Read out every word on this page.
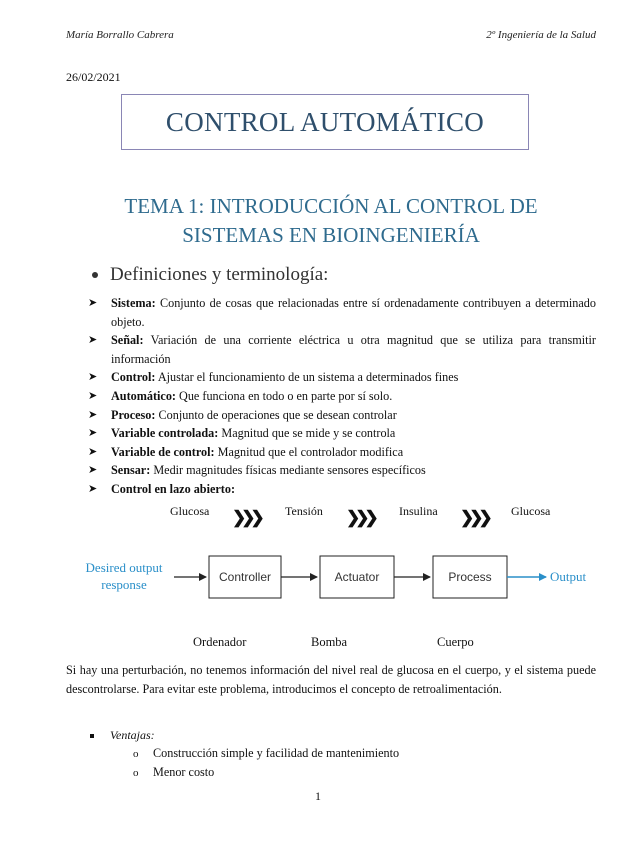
María Borrallo Cabrera	2º Ingeniería de la Salud
26/02/2021
CONTROL AUTOMÁTICO
TEMA 1: INTRODUCCIÓN AL CONTROL DE
SISTEMAS EN BIOINGENIERÍA
Definiciones y terminología:
➤ Sistema: Conjunto de cosas que relacionadas entre sí ordenadamente contribuyen a determinado objeto.
➤ Señal: Variación de una corriente eléctrica u otra magnitud que se utiliza para transmitir información
➤ Control: Ajustar el funcionamiento de un sistema a determinados fines
➤ Automático: Que funciona en todo o en parte por sí solo.
➤ Proceso: Conjunto de operaciones que se desean controlar
➤ Variable controlada: Magnitud que se mide y se controla
➤ Variable de control: Magnitud que el controlador modifica
➤ Sensar: Medir magnitudes físicas mediante sensores específicos
➤ Control en lazo abierto:
Glucosa ❯❯❯ Tensión ❯❯❯ Insulina ❯❯❯ Glucosa
Desired output
response	Controller	Actuator	Process	Output
Ordenador	Bomba	Cuerpo
Si hay una perturbación, no tenemos información del nivel real de glucosa en el cuerpo, y el sistema puede descontrolarse. Para evitar este problema, introducimos el concepto de retroalimentación.
Ventajas:
o	Construcción simple y facilidad de mantenimiento
o	Menor costo
1
